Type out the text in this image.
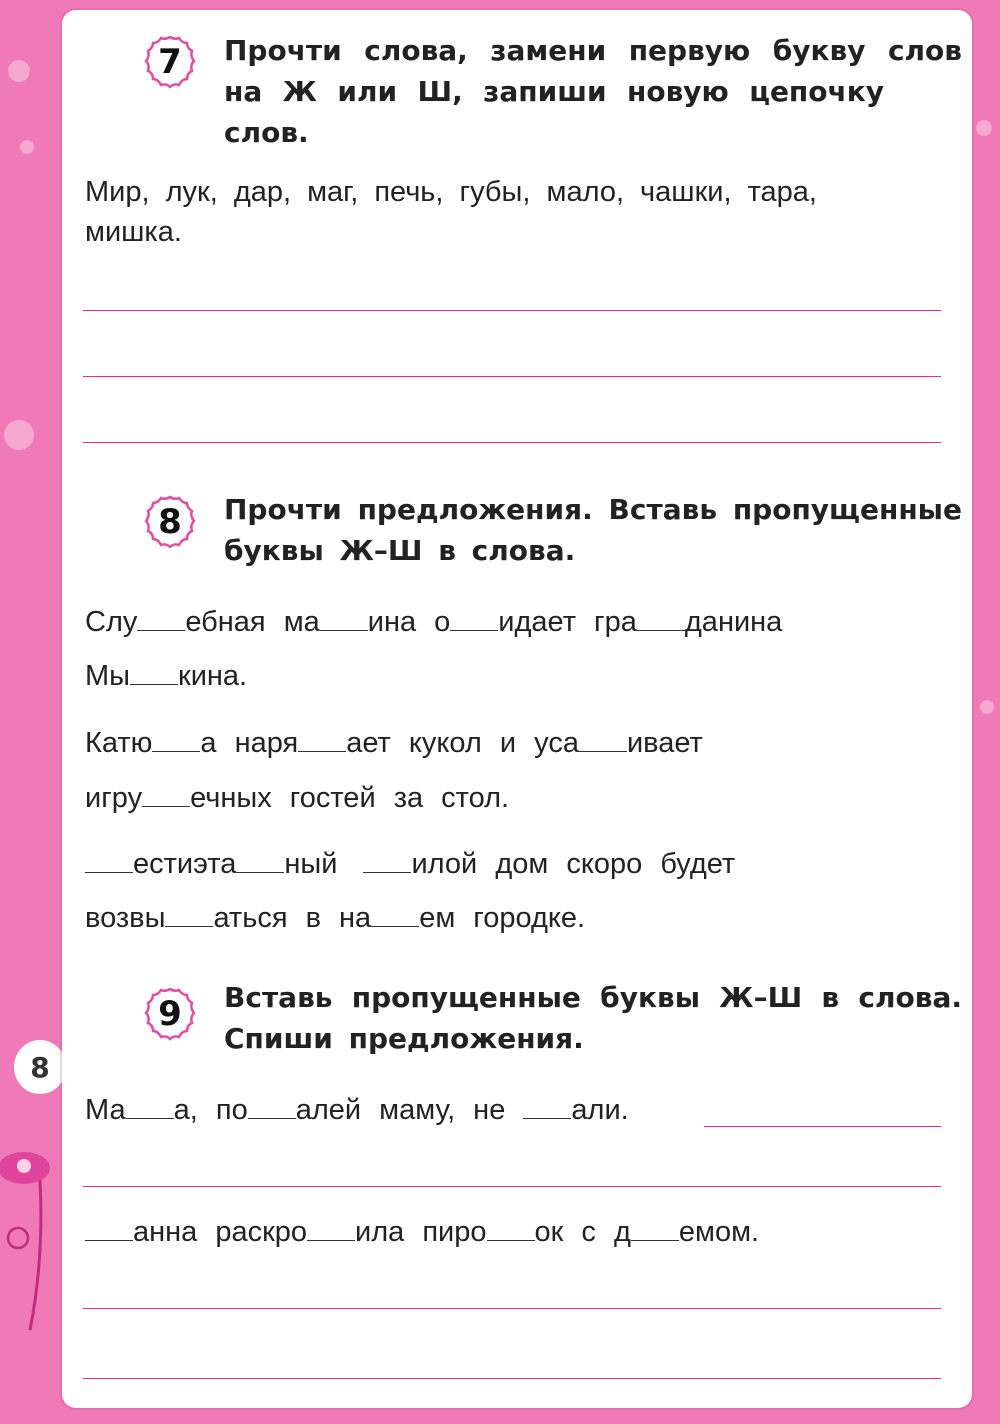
8
7 Прочти слова, замени первую букву слов
на Ж или Ш, запиши новую цепочку
слов.
Мир, лук, дар, маг, печь, губы, мало, чашки, тара, мишка.
8 Прочти предложения. Вставь пропущенные
буквы Ж–Ш в слова.
Слу ебная ма ина о идает гра данина
Мы кина.
Катю а наря ает кукол и уса ивает
игру ечных гостей за стол.
естиэта ный илой дом скоро будет
возвы аться в на ем городке.
9 Вставь пропущенные буквы Ж–Ш в слова.
Спиши предложения.
Ма а, по алей маму, не али.
анна раскро ила пиро ок с д емом.
